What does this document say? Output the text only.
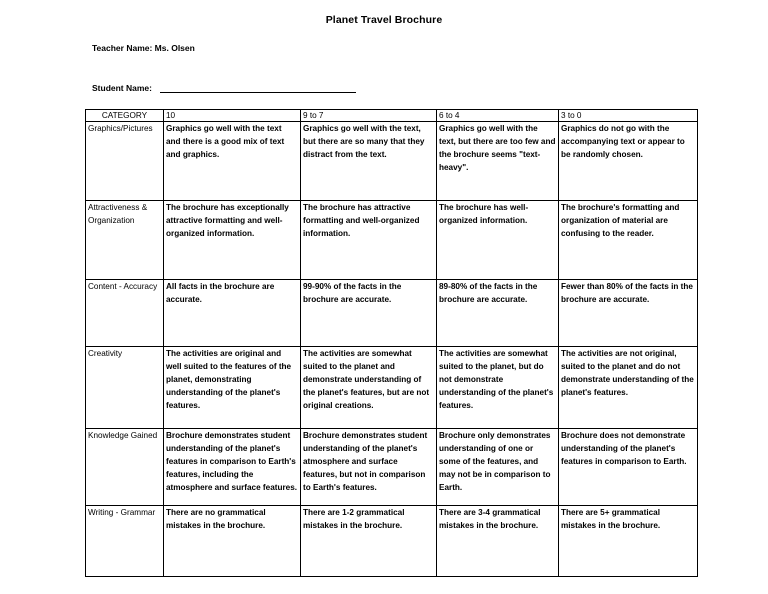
Planet Travel Brochure
Teacher Name: Ms. Olsen
Student Name:
CATEGORY	10	9 to 7	6 to 4	3 to 0
Graphics/Pictures	Graphics go well with the text and there is a good mix of text and graphics.	Graphics go well with the text, but there are so many that they distract from the text.	Graphics go well with the text, but there are too few and the brochure seems "text-heavy".	Graphics do not go with the accompanying text or appear to be randomly chosen.
Attractiveness & Organization	The brochure has exceptionally attractive formatting and well-organized information.	The brochure has attractive formatting and well-organized information.	The brochure has well-organized information.	The brochure's formatting and organization of material are confusing to the reader.
Content - Accuracy	All facts in the brochure are accurate.	99-90% of the facts in the brochure are accurate.	89-80% of the facts in the brochure are accurate.	Fewer than 80% of the facts in the brochure are accurate.
Creativity	The activities are original and well suited to the features of the planet, demonstrating understanding of the planet's features.	The activities are somewhat suited to the planet and demonstrate understanding of the planet's features, but are not original creations.	The activities are somewhat suited to the planet, but do not demonstrate understanding of the planet's features.	The activities are not original, suited to the planet and do not demonstrate understanding of the planet's features.
Knowledge Gained	Brochure demonstrates student understanding of the planet's features in comparison to Earth's features, including the atmosphere and surface features.	Brochure demonstrates student understanding of the planet's atmosphere and surface features, but not in comparison to Earth's features.	Brochure only demonstrates understanding of one or some of the features, and may not be in comparison to Earth.	Brochure does not demonstrate understanding of the planet's features in comparison to Earth.
Writing - Grammar	There are no grammatical mistakes in the brochure.	There are 1-2 grammatical mistakes in the brochure.	There are 3-4 grammatical mistakes in the brochure.	There are 5+ grammatical mistakes in the brochure.
